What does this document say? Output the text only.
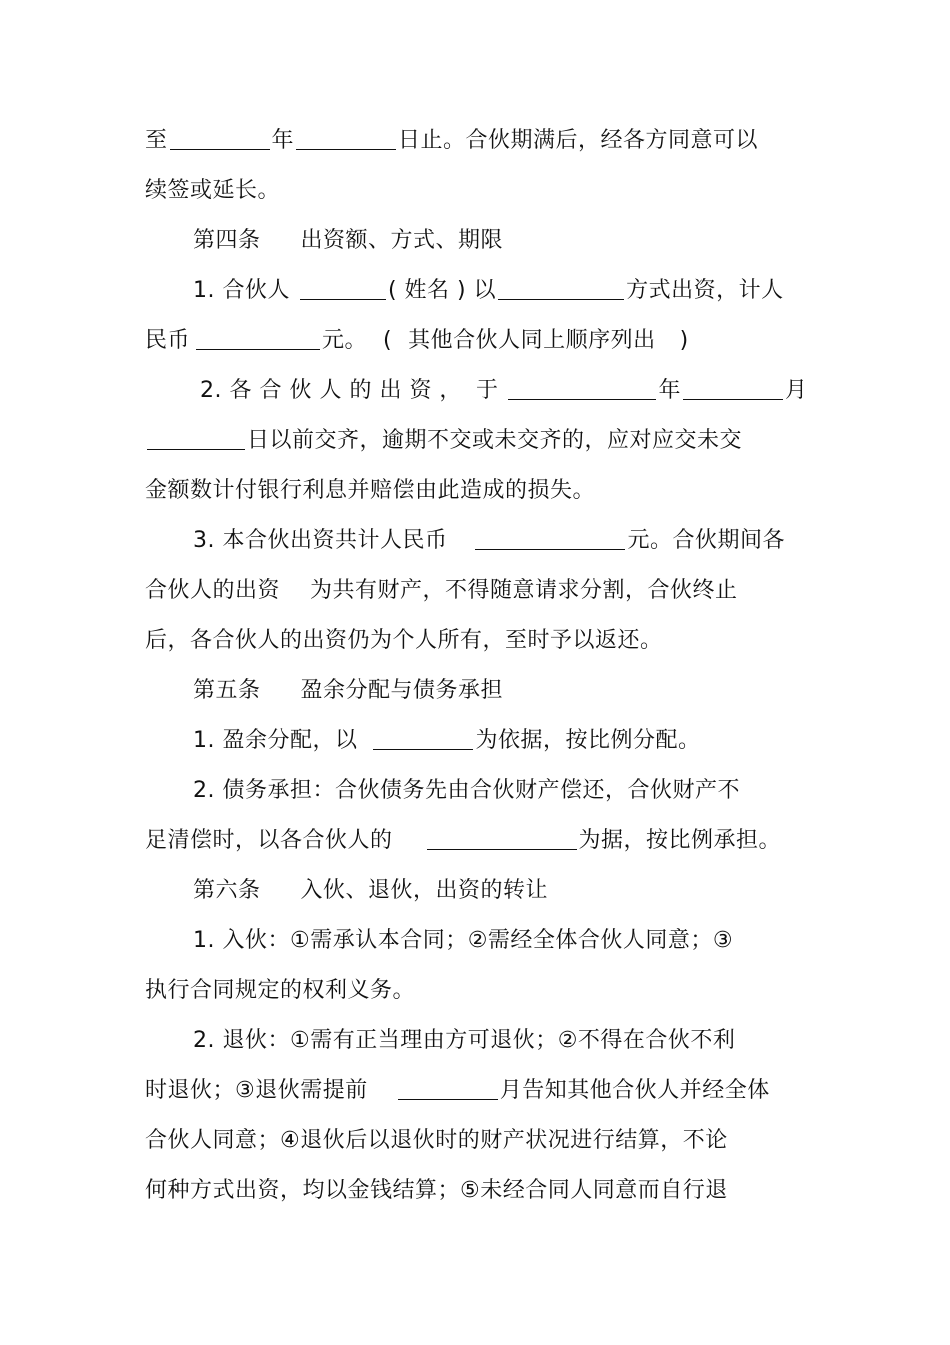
至	年	日止。合伙期满后，经各方同意可以
续签或延长。
第四条 出资额、方式、期限
1. 合伙人	( 姓名 ) 以	方式出资，计人
民币	元。 ( 其他合伙人同上顺序列出 )
2. 各 合 伙 人 的 出 资 ， 于	年	月
日以前交齐，逾期不交或未交齐的，应对应交未交
金额数计付银行利息并赔偿由此造成的损失。
3. 本合伙出资共计人民币	元。合伙期间各
合伙人的出资 为共有财产，不得随意请求分割，合伙终止
后，各合伙人的出资仍为个人所有，至时予以返还。
第五条 盈余分配与债务承担
1. 盈余分配，以	为依据，按比例分配。
2. 债务承担：合伙债务先由合伙财产偿还，合伙财产不
足清偿时，以各合伙人的	为据，按比例承担。
第六条 入伙、退伙，出资的转让
1. 入伙：①需承认本合同；②需经全体合伙人同意；③
执行合同规定的权利义务。
2. 退伙：①需有正当理由方可退伙；②不得在合伙不利
时退伙；③退伙需提前	月告知其他合伙人并经全体
合伙人同意；④退伙后以退伙时的财产状况进行结算，不论
何种方式出资，均以金钱结算；⑤未经合同人同意而自行退
